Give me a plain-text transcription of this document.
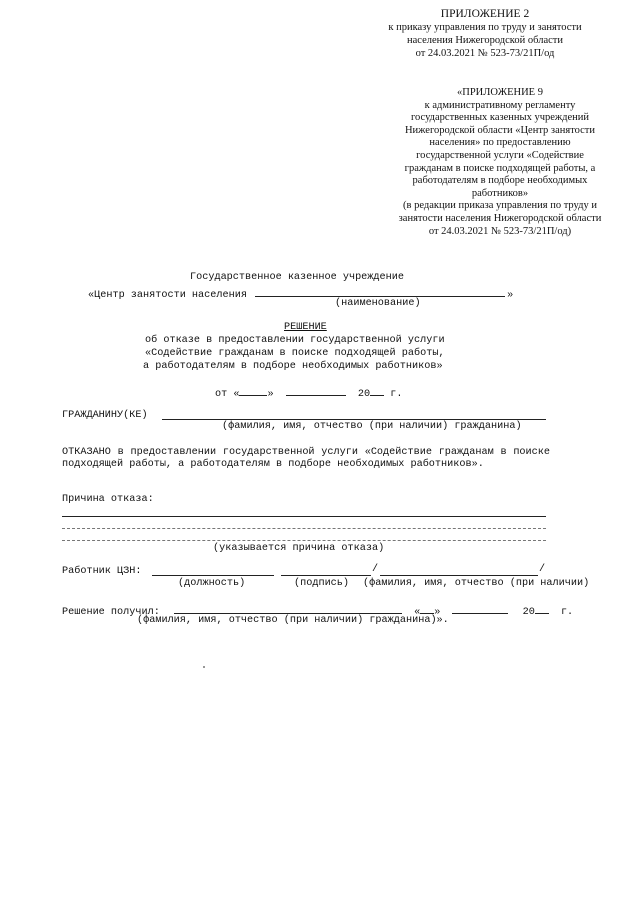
ПРИЛОЖЕНИЕ 2
к приказу управления по труду и занятости
населения Нижегородской области
от 24.03.2021 № 523-73/21П/од
«ПРИЛОЖЕНИЕ 9
к административному регламенту
государственных казенных учреждений
Нижегородской области «Центр занятости
населения» по предоставлению
государственной услуги «Содействие
гражданам в поиске подходящей работы, а
работодателям в подборе необходимых
работников»
(в редакции приказа управления по труду и
занятости населения Нижегородской области
от 24.03.2021 № 523-73/21П/од)
Государственное казенное учреждение
«Центр занятости населения	»
(наименование)
РЕШЕНИЕ
об отказе в предоставлении государственной услуги
«Содействие гражданам в поиске подходящей работы,
а работодателям в подборе необходимых работников»
от «	»	20 г.
ГРАЖДАНИНУ(КЕ)
(фамилия, имя, отчество (при наличии) гражданина)
ОТКАЗАНО в предоставлении государственной услуги «Содействие гражданам в поиске подходящей работы, а работодателям в подборе необходимых работников».
Причина отказа:
(указывается причина отказа)
Работник ЦЗН:	/	/
(должность)	(подпись) (фамилия, имя, отчество (при наличии)
Решение получил:	« »	20	г.
(фамилия, имя, отчество (при наличии) гражданина)».
